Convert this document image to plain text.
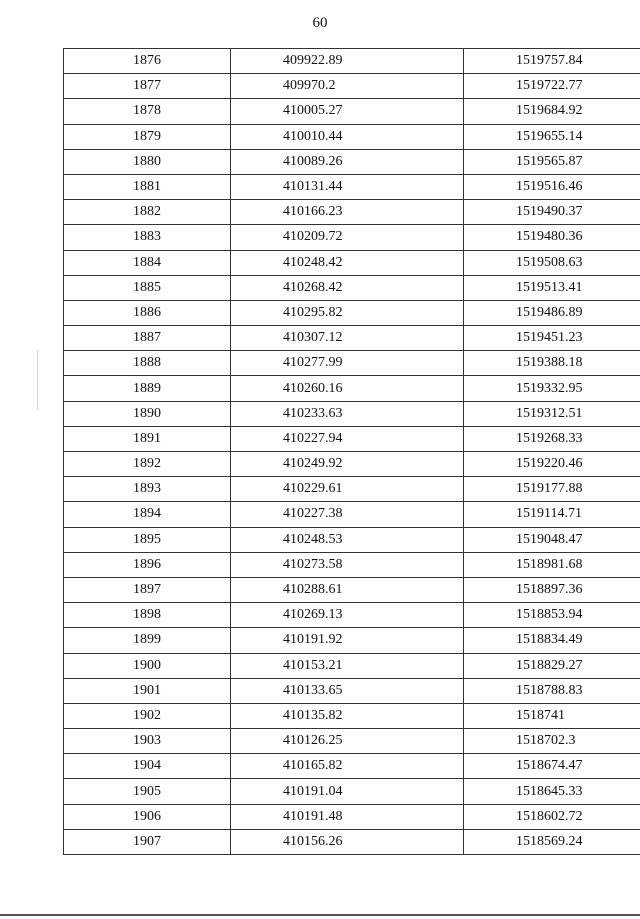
60
1876	409922.89	1519757.84
1877	409970.2	1519722.77
1878	410005.27	1519684.92
1879	410010.44	1519655.14
1880	410089.26	1519565.87
1881	410131.44	1519516.46
1882	410166.23	1519490.37
1883	410209.72	1519480.36
1884	410248.42	1519508.63
1885	410268.42	1519513.41
1886	410295.82	1519486.89
1887	410307.12	1519451.23
1888	410277.99	1519388.18
1889	410260.16	1519332.95
1890	410233.63	1519312.51
1891	410227.94	1519268.33
1892	410249.92	1519220.46
1893	410229.61	1519177.88
1894	410227.38	1519114.71
1895	410248.53	1519048.47
1896	410273.58	1518981.68
1897	410288.61	1518897.36
1898	410269.13	1518853.94
1899	410191.92	1518834.49
1900	410153.21	1518829.27
1901	410133.65	1518788.83
1902	410135.82	1518741
1903	410126.25	1518702.3
1904	410165.82	1518674.47
1905	410191.04	1518645.33
1906	410191.48	1518602.72
1907	410156.26	1518569.24
